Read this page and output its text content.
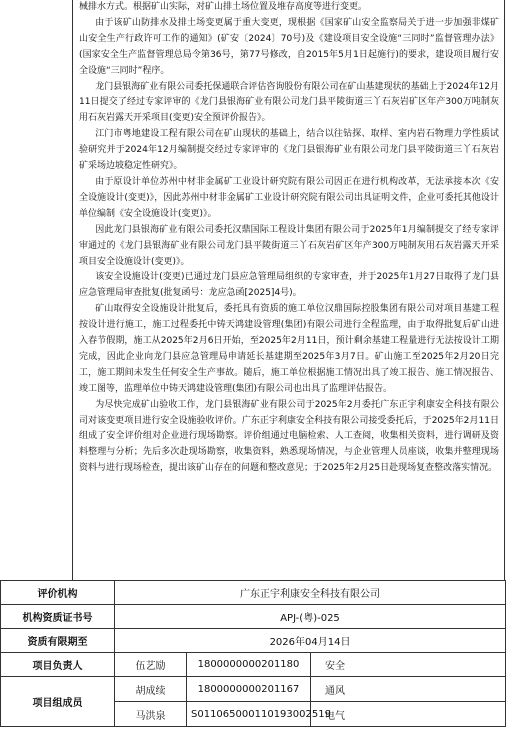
械排水方式。根据矿山实际，对矿山排土场位置及堆存高度等进行变更。

由于该矿山防排水及排土场变更属于重大变更，现根据《国家矿山安全监察局关于进一步加强非煤矿山安全生产行政许可工作的通知》(矿安〔2024〕70号)及《建设项目安全设施“三同时”监督管理办法》(国家安全生产监督管理总局令第36号，第77号修改，自2015年5月1日起施行)的要求，建设项目履行安全设施“三同时”程序。

龙门县银海矿业有限公司委托保通联合评估咨询股份有限公司在矿山基建现状的基础上于2024年12月11日提交了经过专家评审的《龙门县银海矿业有限公司龙门县平陵街道三丫石灰岩矿区年产300万吨制灰用石灰岩露天开采项目(变更)安全预评价报告》。

江门市粤地建设工程有限公司在矿山现状的基础上，结合以往钻探、取样、室内岩石物理力学性质试验研究并于2024年12月编制提交经过专家评审的《龙门县银海矿业有限公司龙门县平陵街道三丫石灰岩矿采场边坡稳定性研究》。

由于原设计单位苏州中材非金属矿工业设计研究院有限公司因正在进行机构改革，无法承接本次《安全设施设计(变更)》，因此苏州中材非金属矿工业设计研究院有限公司出具证明文件，企业可委托其他设计单位编制《安全设施设计(变更)》。

因此龙门县银海矿业有限公司委托汉鼎国际工程设计集团有限公司于2025年1月编制提交了经专家评审通过的《龙门县银海矿业有限公司龙门县平陵街道三丫石灰岩矿区年产300万吨制灰用石灰岩露天开采项目安全设施设计(变更)》。

该安全设施设计(变更)已通过龙门县应急管理局组织的专家审查，并于2025年1月27日取得了龙门县应急管理局审查批复(批复函号：龙应急函[2025]4号)。

矿山取得安全设施设计批复后，委托具有资质的施工单位汉鼎国际控股集团有限公司对项目基建工程按设计进行施工，施工过程委托中铸天鸿建设管理(集团)有限公司进行全程监理，由于取得批复后矿山进入春节假期，施工从2025年2月6日开始，至2025年2月11日，预计剩余基建工程量进行无法按设计工期完成，因此企业向龙门县应急管理局申请延长基建期至2025年3月7日。矿山施工至2025年2月20日完工，施工期间未发生任何安全生产事故。随后，施工单位根据施工情况出具了竣工报告、施工情况报告、竣工图等，监理单位中铸天鸿建设管理(集团)有限公司也出具了监理评估报告。

为尽快完成矿山验收工作，龙门县银海矿业有限公司于2025年2月委托广东正宇利康安全科技有限公司对该变更项目进行安全设施验收评价。广东正宇利康安全科技有限公司接受委托后，于2025年2月11日组成了安全评价组对企业进行现场勘察。评价组通过电脑检索、人工查阅，收集相关资料，进行调研及资料整理与分析；先后多次赴现场勘察，收集资料，熟悉现场情况，与企业管理人员座谈，收集并整理现场资料与进行现场检查，提出该矿山存在的问题和整改意见；于2025年2月25日赴现场复查整改落实情况。

评价机构	广东正宇利康安全科技有限公司		
机构资质证书号	APJ-(粤)-025		
资质有限期至	2026年04月14日		
项目负责人	伍艺励	1800000000201180	安全
项目组成员	胡成续	1800000000201167	通风
	马洪泉	S011065000110193002519	电气
